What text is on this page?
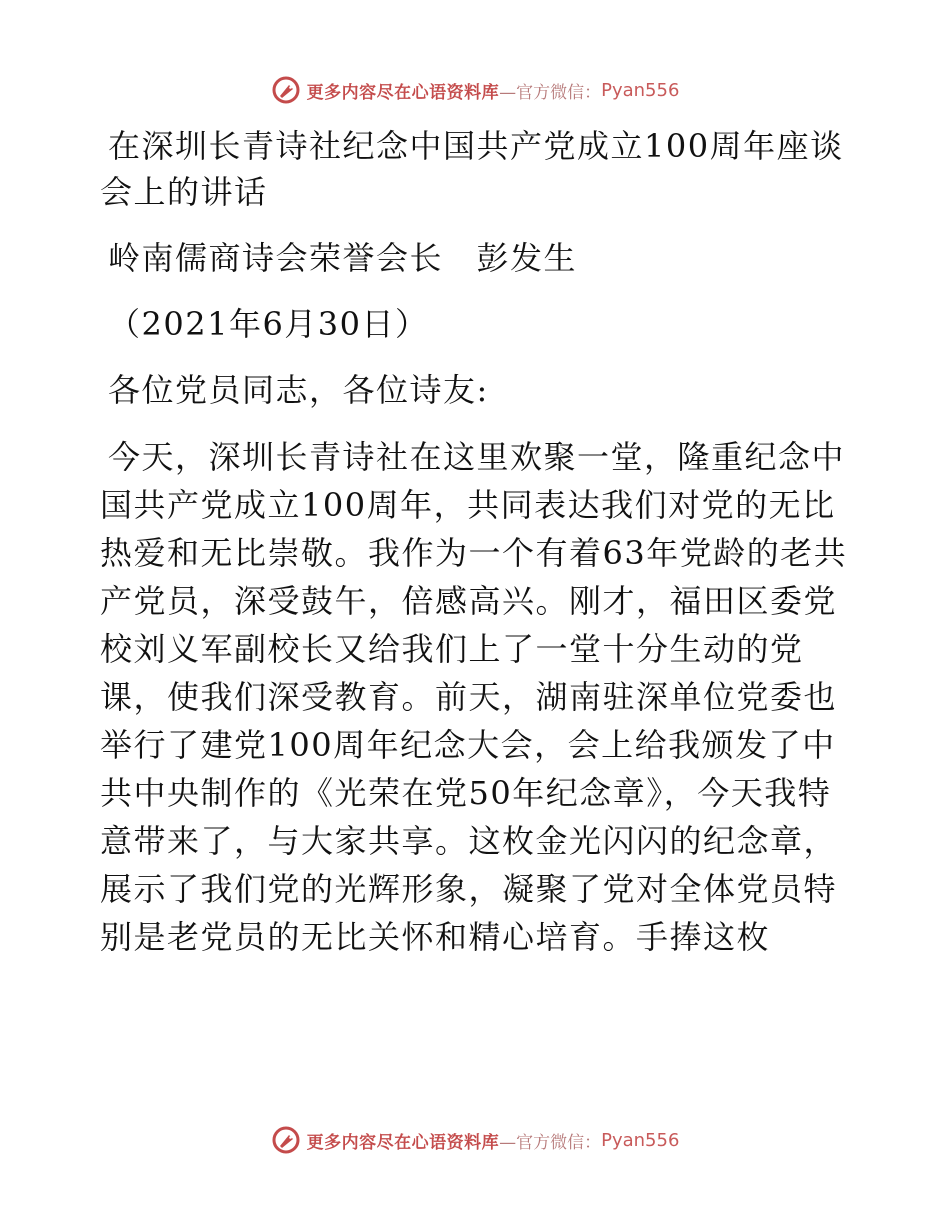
更多内容尽在心语资料库 —官方微信： Pyan556

在深圳长青诗社纪念中国共产党成立100周年座谈会上的讲话

岭南儒商诗会荣誉会长　彭发生

（2021年6月30日）

各位党员同志，各位诗友:

今天，深圳长青诗社在这里欢聚一堂，隆重纪念中国共产党成立100周年，共同表达我们对党的无比热爱和无比崇敬。我作为一个有着63年党龄的老共产党员，深受鼓午，倍感高兴。刚才，福田区委党校刘义军副校长又给我们上了一堂十分生动的党课，使我们深受教育。前天，湖南驻深单位党委也举行了建党100周年纪念大会，会上给我颁发了中共中央制作的《光荣在党50年纪念章》，今天我特意带来了，与大家共享。这枚金光闪闪的纪念章，展示了我们党的光辉形象，凝聚了党对全体党员特别是老党员的无比关怀和精心培育。手捧这枚

更多内容尽在心语资料库 —官方微信： Pyan556
